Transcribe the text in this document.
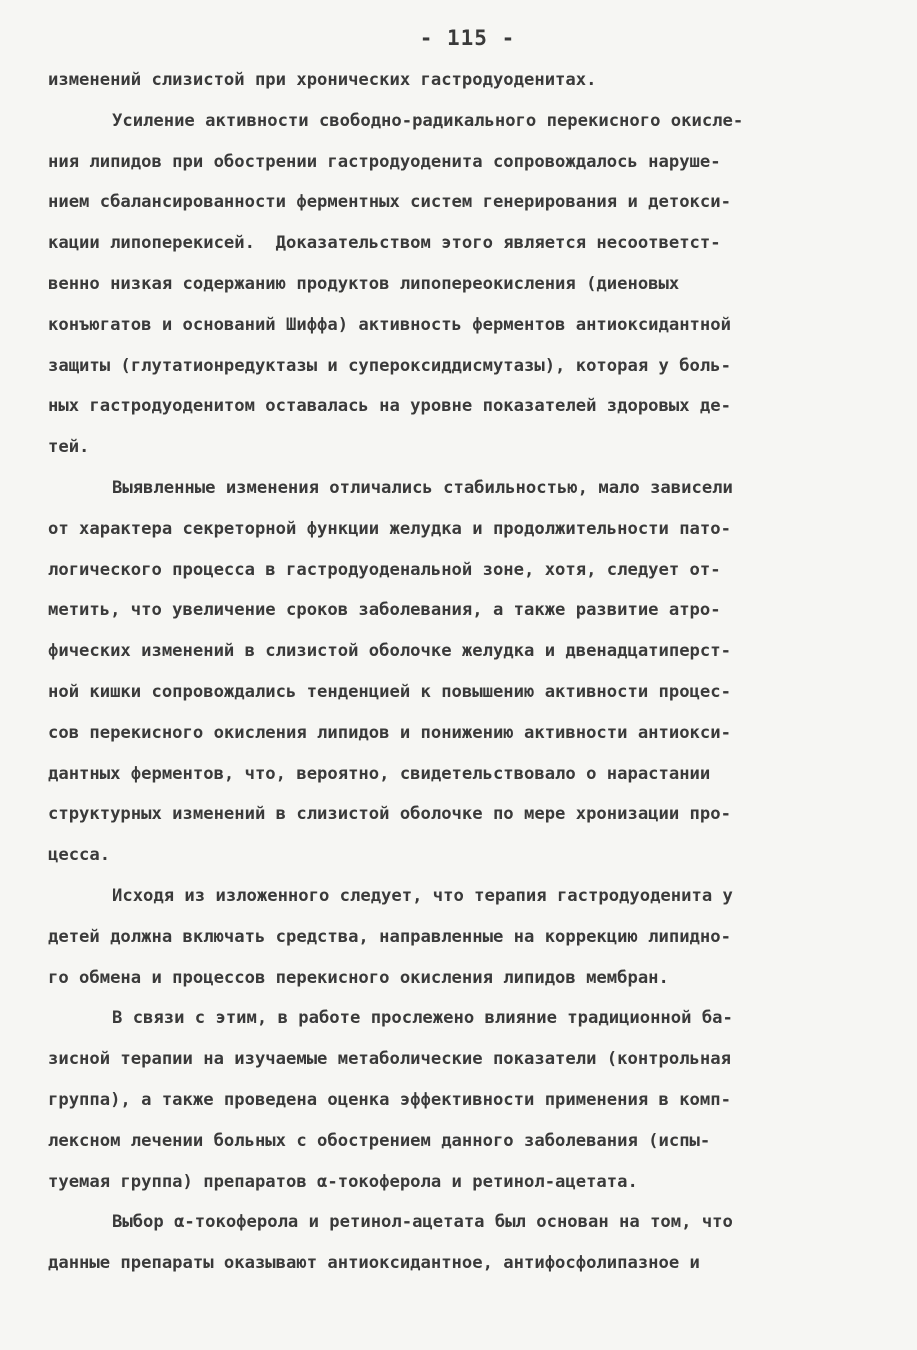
- 115 -
изменений слизистой при хронических гастродуоденитах.
Усиление активности свободно-радикального перекисного окисле-
ния липидов при обострении гастродуоденита сопровождалось наруше-
нием сбалансированности ферментных систем генерирования и детокси-
кации липоперекисей.  Доказательством этого является несоответст-
венно низкая содержанию продуктов липопереокисления (диеновых
конъюгатов и оснований Шиффа) активность ферментов антиоксидантной
защиты (глутатионредуктазы и супероксиддисмутазы), которая у боль-
ных гастродуоденитом оставалась на уровне показателей здоровых де-
тей.
Выявленные изменения отличались стабильностью, мало зависели
от характера секреторной функции желудка и продолжительности пато-
логического процесса в гастродуоденальной зоне, хотя, следует от-
метить, что увеличение сроков заболевания, а также развитие атро-
фических изменений в слизистой оболочке желудка и двенадцатиперст-
ной кишки сопровождались тенденцией к повышению активности процес-
сов перекисного окисления липидов и понижению активности антиокси-
дантных ферментов, что, вероятно, свидетельствовало о нарастании
структурных изменений в слизистой оболочке по мере хронизации про-
цесса.
Исходя из изложенного следует, что терапия гастродуоденита у
детей должна включать средства, направленные на коррекцию липидно-
го обмена и процессов перекисного окисления липидов мембран.
В связи с этим, в работе прослежено влияние традиционной ба-
зисной терапии на изучаемые метаболические показатели (контрольная
группа), а также проведена оценка эффективности применения в комп-
лексном лечении больных с обострением данного заболевания (испы-
туемая группа) препаратов α-токоферола и ретинол-ацетата.
Выбор α-токоферола и ретинол-ацетата был основан на том, что
данные препараты оказывают антиоксидантное, антифосфолипазное и
